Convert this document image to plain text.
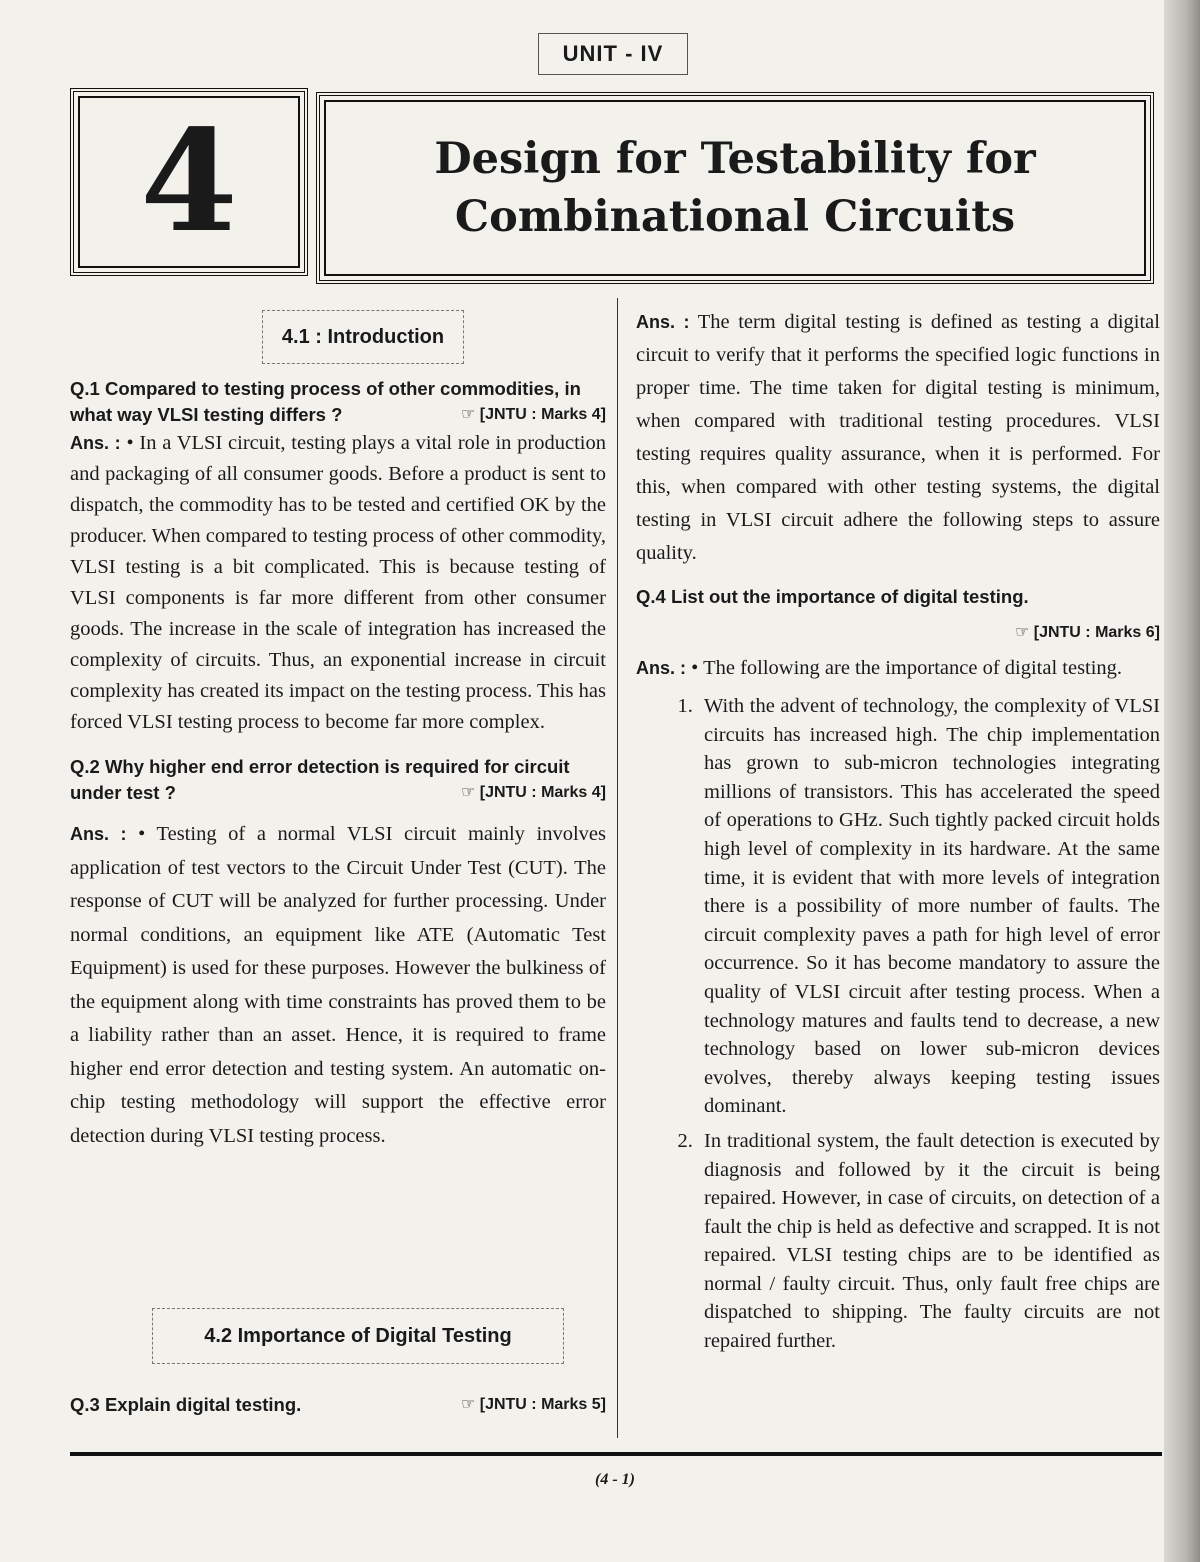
UNIT - IV
4	Design for Testability for
Combinational Circuits
4.1 : Introduction
4.2 Importance of Digital Testing

Q.1 Compared to testing process of other commodities, in what way VLSI testing differs ?	☞ [JNTU : Marks 4]

Ans. : • In a VLSI circuit, testing plays a vital role in production and packaging of all consumer goods. Before a product is sent to dispatch, the commodity has to be tested and certified OK by the producer. When compared to testing process of other commodity, VLSI testing is a bit complicated. This is because testing of VLSI components is far more different from other consumer goods. The increase in the scale of integration has increased the complexity of circuits. Thus, an exponential increase in circuit complexity has created its impact on the testing process. This has forced VLSI testing process to become far more complex.

Q.2 Why higher end error detection is required for circuit under test ?	☞ [JNTU : Marks 4]

Ans. : • Testing of a normal VLSI circuit mainly involves application of test vectors to the Circuit Under Test (CUT). The response of CUT will be analyzed for further processing. Under normal conditions, an equipment like ATE (Automatic Test Equipment) is used for these purposes. However the bulkiness of the equipment along with time constraints has proved them to be a liability rather than an asset. Hence, it is required to frame higher end error detection and testing system. An automatic on-chip testing methodology will support the effective error detection during VLSI testing process.

Q.3 Explain digital testing.	☞ [JNTU : Marks 5]

Ans. : The term digital testing is defined as testing a digital circuit to verify that it performs the specified logic functions in proper time. The time taken for digital testing is minimum, when compared with traditional testing procedures. VLSI testing requires quality assurance, when it is performed. For this, when compared with other testing systems, the digital testing in VLSI circuit adhere the following steps to assure quality.

Q.4 List out the importance of digital testing.

☞ [JNTU : Marks 6]

Ans. : • The following are the importance of digital testing.

1. With the advent of technology, the complexity of VLSI circuits has increased high. The chip implementation has grown to sub-micron technologies integrating millions of transistors. This has accelerated the speed of operations to GHz. Such tightly packed circuit holds high level of complexity in its hardware. At the same time, it is evident that with more levels of integration there is a possibility of more number of faults. The circuit complexity paves a path for high level of error occurrence. So it has become mandatory to assure the quality of VLSI circuit after testing process. When a technology matures and faults tend to decrease, a new technology based on lower sub-micron devices evolves, thereby always keeping testing issues dominant.
2. In traditional system, the fault detection is executed by diagnosis and followed by it the circuit is being repaired. However, in case of circuits, on detection of a fault the chip is held as defective and scrapped. It is not repaired. VLSI testing chips are to be identified as normal / faulty circuit. Thus, only fault free chips are dispatched to shipping. The faulty circuits are not repaired further.
(4 - 1)
